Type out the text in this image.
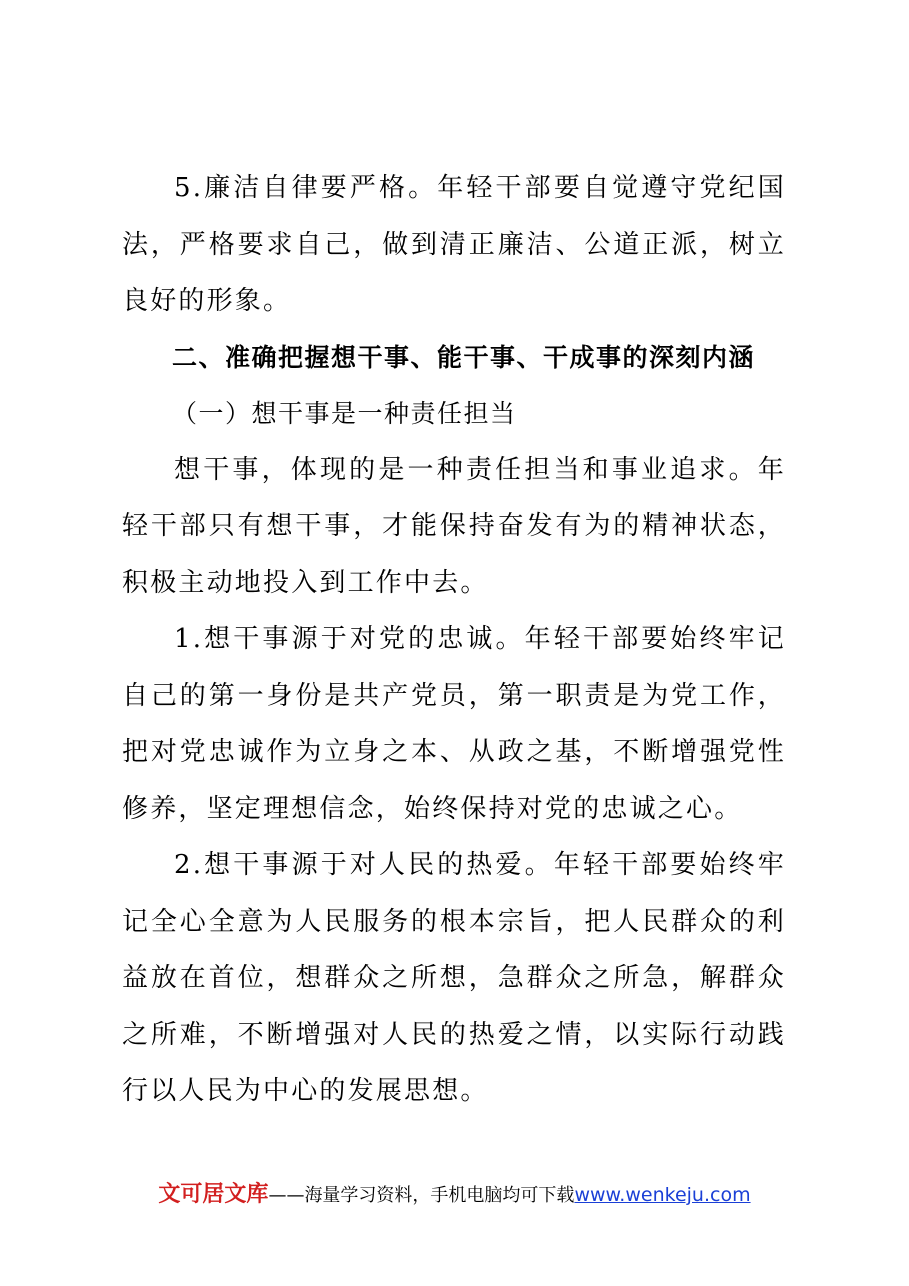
5.廉洁自律要严格。年轻干部要自觉遵守党纪国法，严格要求自己，做到清正廉洁、公道正派，树立良好的形象。

二、准确把握想干事、能干事、干成事的深刻内涵

（一）想干事是一种责任担当

想干事，体现的是一种责任担当和事业追求。年轻干部只有想干事，才能保持奋发有为的精神状态，积极主动地投入到工作中去。

1.想干事源于对党的忠诚。年轻干部要始终牢记自己的第一身份是共产党员，第一职责是为党工作，把对党忠诚作为立身之本、从政之基，不断增强党性修养，坚定理想信念，始终保持对党的忠诚之心。

2.想干事源于对人民的热爱。年轻干部要始终牢记全心全意为人民服务的根本宗旨，把人民群众的利益放在首位，想群众之所想，急群众之所急，解群众之所难，不断增强对人民的热爱之情，以实际行动践行以人民为中心的发展思想。

文可居文库——海量学习资料，手机电脑均可下载www.wenkeju.com
